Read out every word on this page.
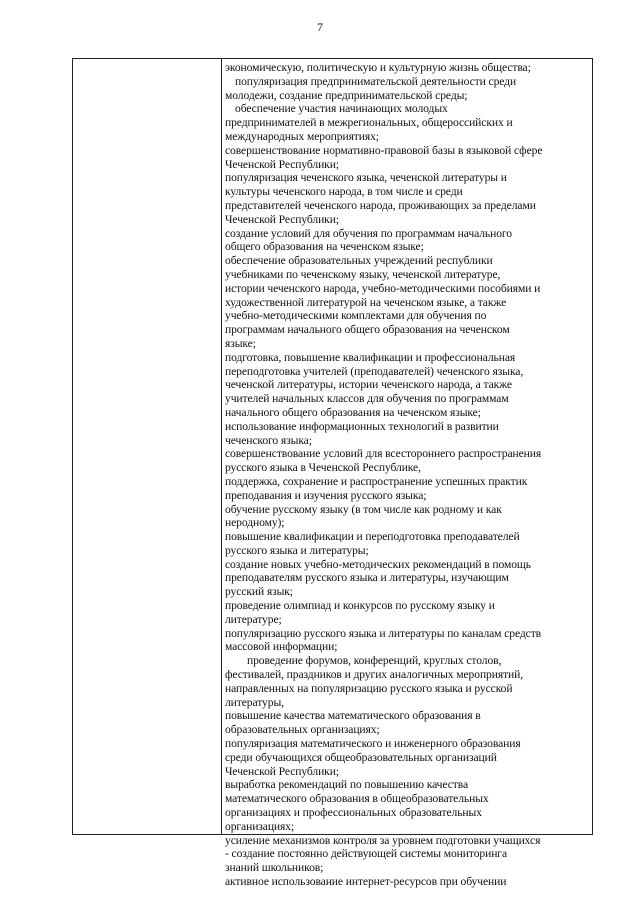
7
экономическую, политическую и культурную жизнь общества;
популяризация предпринимательской деятельности среди
молодежи, создание предпринимательской среды;
обеспечение участия начинающих молодых
предпринимателей в межрегиональных, общероссийских и
международных мероприятиях;
совершенствование нормативно-правовой базы в языковой сфере
Чеченской Республики;
популяризация чеченского языка, чеченской литературы и
культуры чеченского народа, в том числе и среди
представителей чеченского народа, проживающих за пределами
Чеченской Республики;
создание условий для обучения по программам начального
общего образования на чеченском языке;
обеспечение образовательных учреждений республики
учебниками по чеченскому языку, чеченской литературе,
истории чеченского народа, учебно-методическими пособиями и
художественной литературой на чеченском языке, а также
учебно-методическими комплектами для обучения по
программам начального общего образования на чеченском
языке;
подготовка, повышение квалификации и профессиональная
переподготовка учителей (преподавателей) чеченского языка,
чеченской литературы, истории чеченского народа, а также
учителей начальных классов для обучения по программам
начального общего образования на чеченском языке;
использование информационных технологий в развитии
чеченского языка;
совершенствование условий для всестороннего распространения
русского языка в Чеченской Республике,
поддержка, сохранение и распространение успешных практик
преподавания и изучения русского языка;
обучение русскому языку (в том числе как родному и как
неродному);
повышение квалификации и переподготовка преподавателей
русского языка и литературы;
создание новых учебно-методических рекомендаций в помощь
преподавателям русского языка и литературы, изучающим
русский язык;
проведение олимпиад и конкурсов по русскому языку и
литературе;
популяризацию русского языка и литературы по каналам средств
массовой информации;
проведение форумов, конференций, круглых столов,
фестивалей, праздников и других аналогичных мероприятий,
направленных на популяризацию русского языка и русской
литературы,
повышение качества математического образования в
образовательных организациях;
популяризация математического и инженерного образования
среди обучающихся общеобразовательных организаций
Чеченской Республики;
выработка рекомендаций по повышению качества
математического образования в общеобразовательных
организациях и профессиональных образовательных
организациях;
усиление механизмов контроля за уровнем подготовки учащихся
- создание постоянно действующей системы мониторинга
знаний школьников;
активное использование интернет-ресурсов при обучении
